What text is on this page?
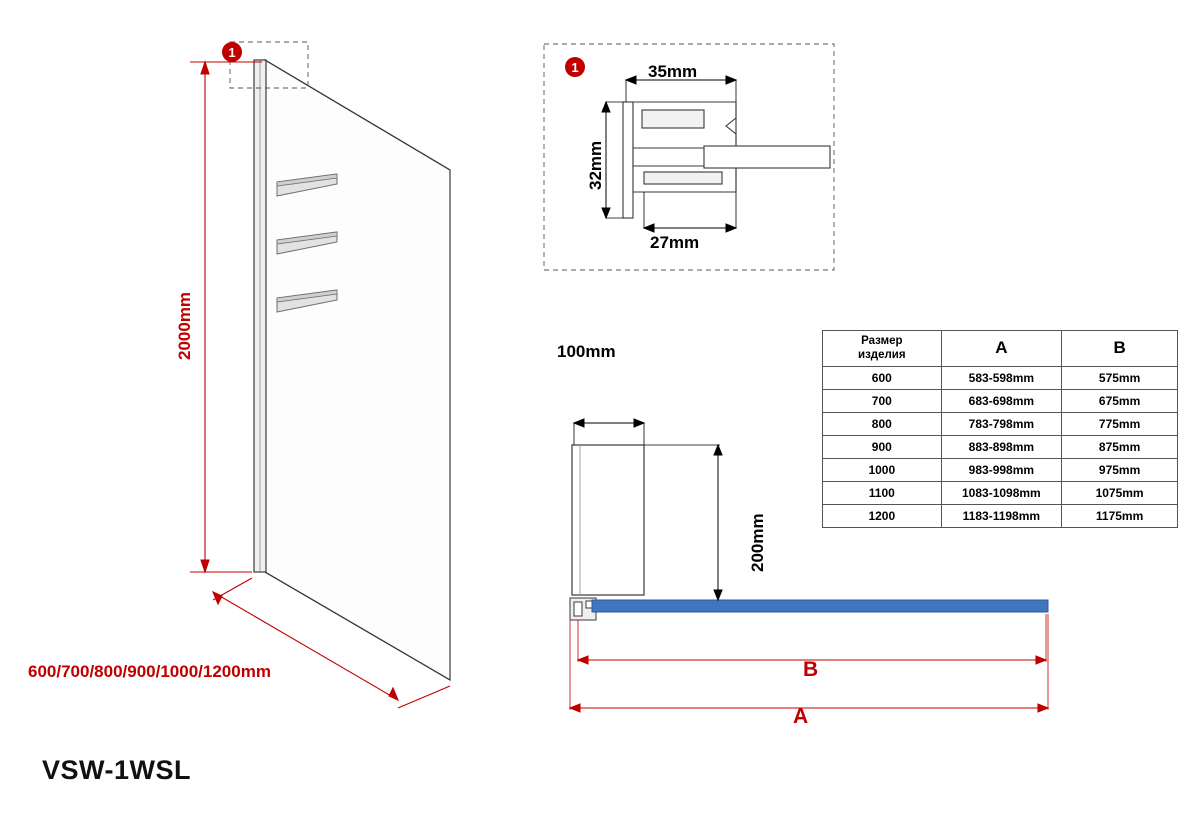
1
2000mm
600/700/800/900/1000/1200mm
VSW-1WSL
1	35mm
32mm
27mm
100mm
200mm
B
A
Размер
изделия	A	B
600	583-598mm	575mm
700	683-698mm	675mm
800	783-798mm	775mm
900	883-898mm	875mm
1000	983-998mm	975mm
1100	1083-1098mm	1075mm
1200	1183-1198mm	1175mm
